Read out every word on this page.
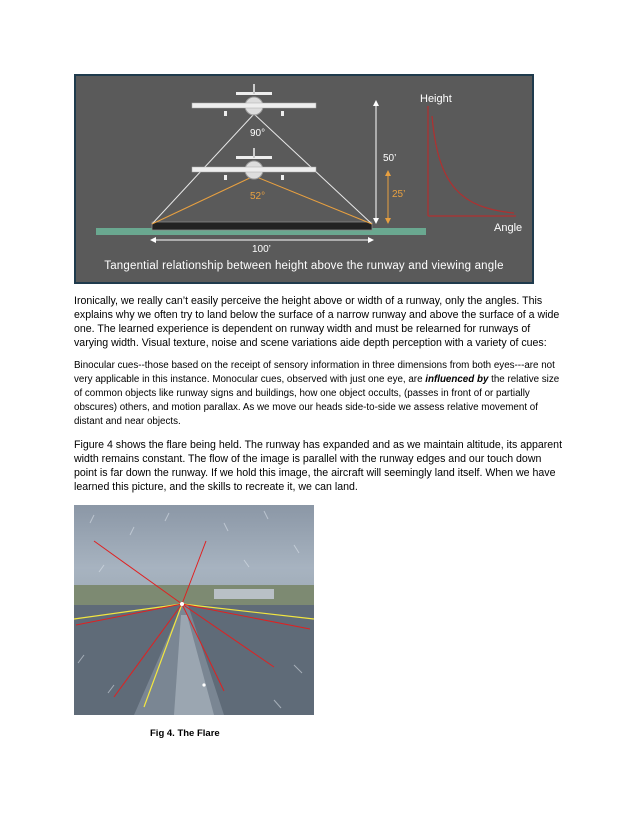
Height
Angle
90°
52°
50’
25’
100’
Tangential relationship between height above the runway and viewing angle

Ironically, we really can’t easily perceive the height above or width of a runway, only the angles. This explains why we often try to land below the surface of a narrow runway and above the surface of a wide one. The learned experience is dependent on runway width and must be relearned for runways of varying width. Visual texture, noise and scene variations aide depth perception with a variety of cues:

Binocular cues--those based on the receipt of sensory information in three dimensions from both eyes---are not very applicable in this instance. Monocular cues, observed with just one eye, are influenced by the relative size of common objects like runway signs and buildings, how one object occults, (passes in front of or partially obscures) others, and motion parallax. As we move our heads side-to-side we assess relative movement of distant and near objects.

Figure 4 shows the flare being held. The runway has expanded and as we maintain altitude, its apparent width remains constant. The flow of the image is parallel with the runway edges and our touch down point is far down the runway. If we hold this image, the aircraft will seemingly land itself. When we have learned this picture, and the skills to recreate it, we can land.

Fig 4. The Flare
